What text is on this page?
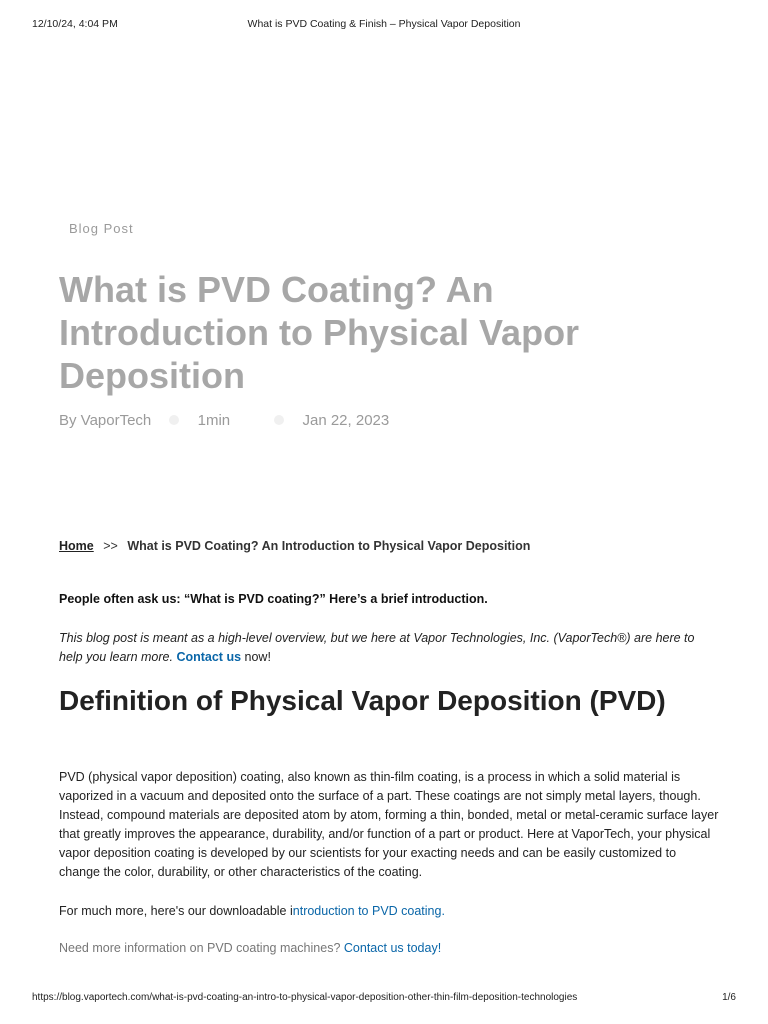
12/10/24, 4:04 PM	What is PVD Coating & Finish – Physical Vapor Deposition
Blog Post
What is PVD Coating? An Introduction to Physical Vapor Deposition
By VaporTech	1min	Jan 22, 2023
Home >> What is PVD Coating? An Introduction to Physical Vapor Deposition
People often ask us: “What is PVD coating?” Here’s a brief introduction.
This blog post is meant as a high-level overview, but we here at Vapor Technologies, Inc. (VaporTech®) are here to help you learn more. Contact us now!
Definition of Physical Vapor Deposition (PVD)

PVD (physical vapor deposition) coating, also known as thin-film coating, is a process in which a solid material is vaporized in a vacuum and deposited onto the surface of a part. These coatings are not simply metal layers, though. Instead, compound materials are deposited atom by atom, forming a thin, bonded, metal or metal-ceramic surface layer that greatly improves the appearance, durability, and/or function of a part or product. Here at VaporTech, your physical vapor deposition coating is developed by our scientists for your exacting needs and can be easily customized to change the color, durability, or other characteristics of the coating.

For much more, here's our downloadable introduction to PVD coating.
Need more information on PVD coating machines? Contact us today!
https://blog.vaportech.com/what-is-pvd-coating-an-intro-to-physical-vapor-deposition-other-thin-film-deposition-technologies	1/6
